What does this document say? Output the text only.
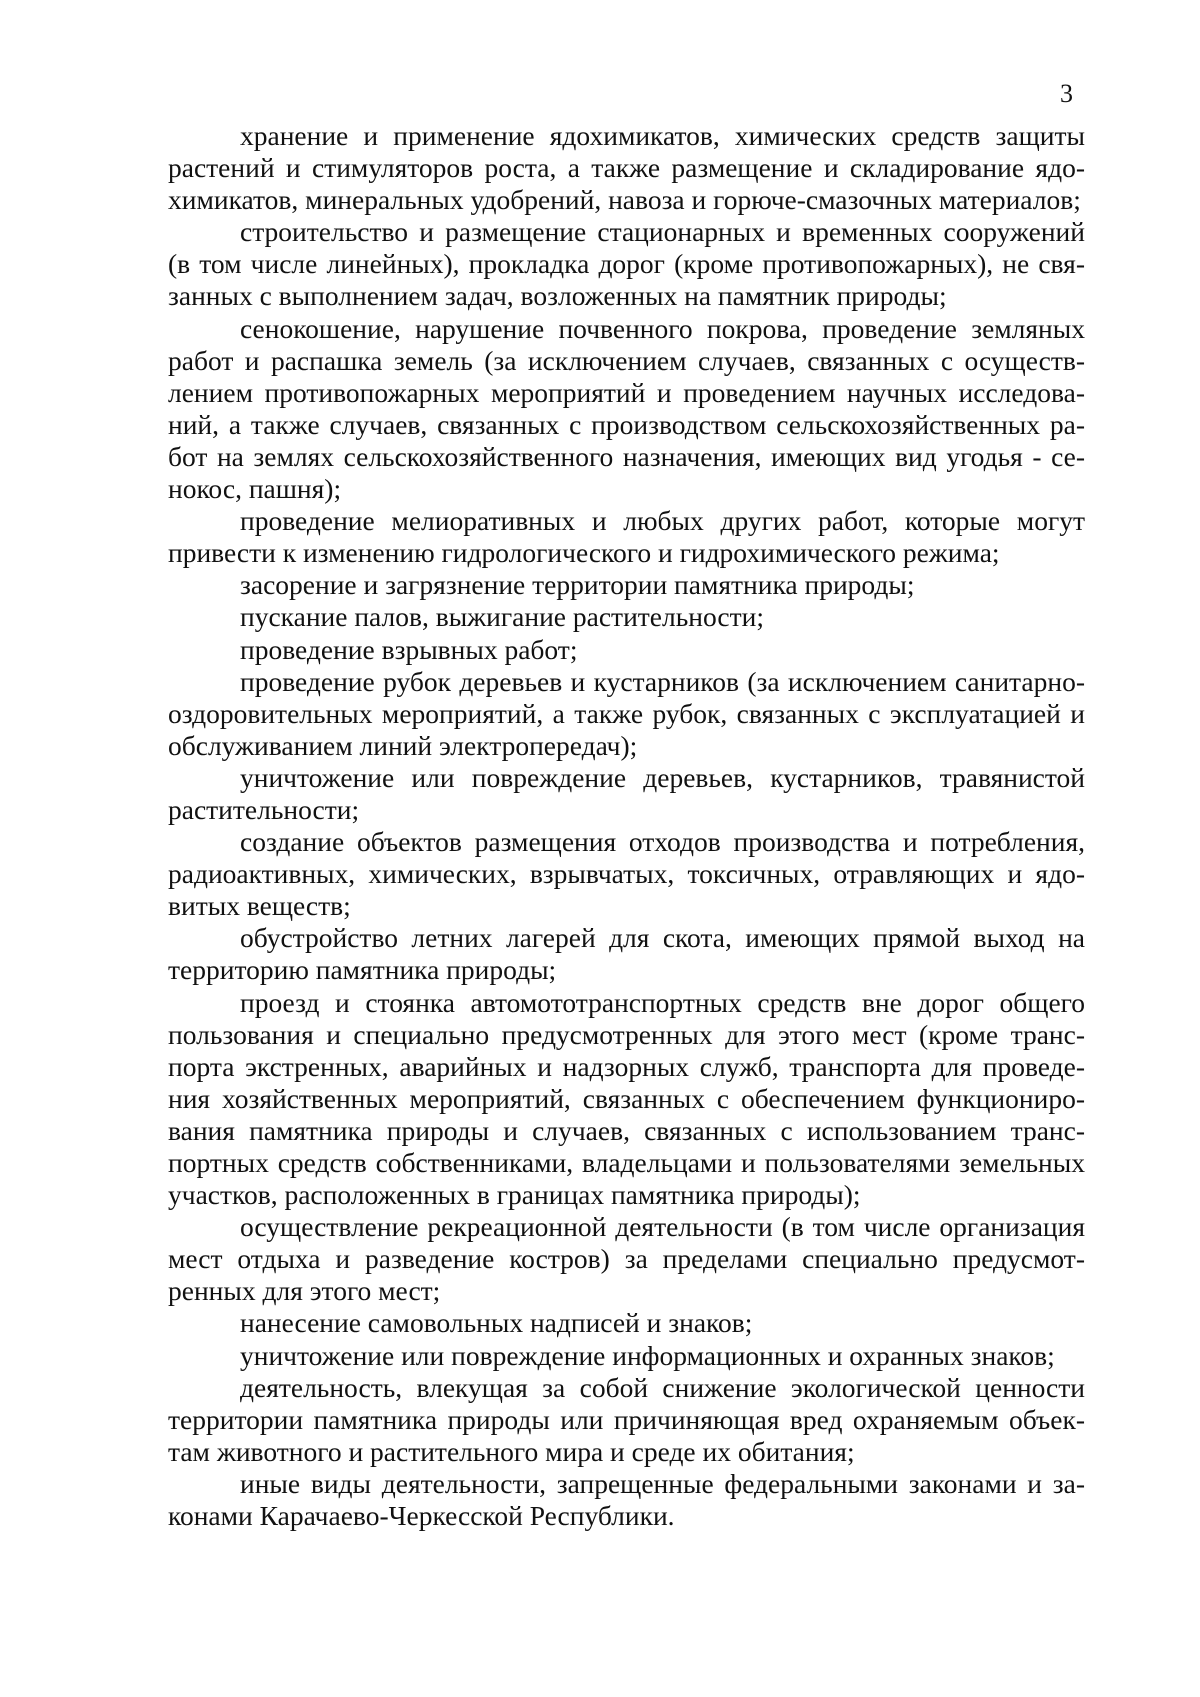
3

хранение и применение ядохимикатов, химических средств защиты растений и стимуляторов роста, а также размещение и складирование ядохимикатов, минеральных удобрений, навоза и горюче-смазочных материалов;

строительство и размещение стационарных и временных сооружений (в том числе линейных), прокладка дорог (кроме противопожарных), не связанных с выполнением задач, возложенных на памятник природы;

сенокошение, нарушение почвенного покрова, проведение земляных работ и распашка земель (за исключением случаев, связанных с осуществлением противопожарных мероприятий и проведением научных исследований, а также случаев, связанных с производством сельскохозяйственных работ на землях сельскохозяйственного назначения, имеющих вид угодья - сенокос, пашня);

проведение мелиоративных и любых других работ, которые могут привести к изменению гидрологического и гидрохимического режима;

засорение и загрязнение территории памятника природы;

пускание палов, выжигание растительности;

проведение взрывных работ;

проведение рубок деревьев и кустарников (за исключением санитарно-оздоровительных мероприятий, а также рубок, связанных с эксплуатацией и обслуживанием линий электропередач);

уничтожение или повреждение деревьев, кустарников, травянистой растительности;

создание объектов размещения отходов производства и потребления, радиоактивных, химических, взрывчатых, токсичных, отравляющих и ядовитых веществ;

обустройство летних лагерей для скота, имеющих прямой выход на территорию памятника природы;

проезд и стоянка автомототранспортных средств вне дорог общего пользования и специально предусмотренных для этого мест (кроме транспорта экстренных, аварийных и надзорных служб, транспорта для проведения хозяйственных мероприятий, связанных с обеспечением функционирования памятника природы и случаев, связанных с использованием транспортных средств собственниками, владельцами и пользователями земельных участков, расположенных в границах памятника природы);

осуществление рекреационной деятельности (в том числе организация мест отдыха и разведение костров) за пределами специально предусмотренных для этого мест;

нанесение самовольных надписей и знаков;

уничтожение или повреждение информационных и охранных знаков;

деятельность, влекущая за собой снижение экологической ценности территории памятника природы или причиняющая вред охраняемым объектам животного и растительного мира и среде их обитания;

иные виды деятельности, запрещенные федеральными законами и законами Карачаево-Черкесской Республики.
